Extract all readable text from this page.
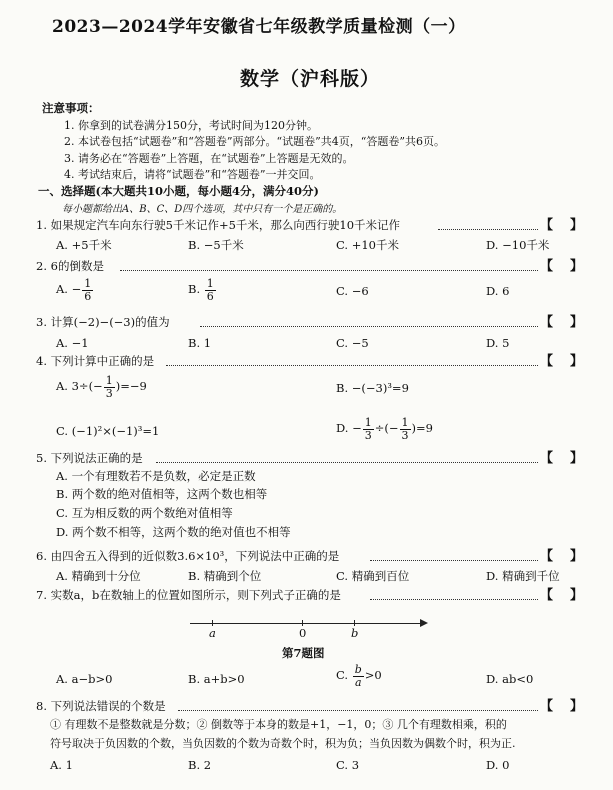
2023—2024学年安徽省七年级教学质量检测（一）
数学（沪科版）
注意事项：
1. 你拿到的试卷满分150分，考试时间为120分钟。
2. 本试卷包括“试题卷”和“答题卷”两部分。“试题卷”共4页，“答题卷”共6页。
3. 请务必在“答题卷”上答题，在“试题卷”上答题是无效的。
4. 考试结束后，请将“试题卷”和“答题卷”一并交回。
一、选择题(本大题共10小题，每小题4分，满分40分)
每小题都给出A、B、C、D四个选项，其中只有一个是正确的。
1. 如果规定汽车向东行驶5千米记作+5千米，那么向西行驶10千米记作	【 】
A. +5千米	B. −5千米	C. +10千米	D. −10千米
2. 6的倒数是	【 】
A. − $\frac{1}{6}$	B. $\frac{1}{6}$	C. −6	D. 6
3. 计算(−2)−(−3)的值为	【 】
A. −1	B. 1	C. −5	D. 5
4. 下列计算中正确的是	【 】
A. $3\div(- \frac{1}{3} )=-9$	B. −(−3)³=9
C. (−1)²×(−1)³=1	D. − $\frac{1}{3}$ ÷(− $\frac{1}{3} )=9$
5. 下列说法正确的是	【 】
A. 一个有理数若不是负数，必定是正数
B. 两个数的绝对值相等，这两个数也相等
C. 互为相反数的两个数绝对值相等
D. 两个数不相等，这两个数的绝对值也不相等
6. 由四舍五入得到的近似数3.6×10³，下列说法中正确的是	【 】
A. 精确到十分位	B. 精确到个位	C. 精确到百位	D. 精确到千位
7. 实数a，b在数轴上的位置如图所示，则下列式子正确的是	【 】
a	0	b
第7题图
A. a−b>0	B. a+b>0	C. $\frac{b}{a} >0$	D. ab<0
8. 下列说法错误的个数是	【 】
① 有理数不是整数就是分数；② 倒数等于本身的数是+1，−1，0；③ 几个有理数相乘，积的
符号取决于负因数的个数，当负因数的个数为奇数个时，积为负；当负因数为偶数个时，积为正.
A. 1	B. 2	C. 3	D. 0
